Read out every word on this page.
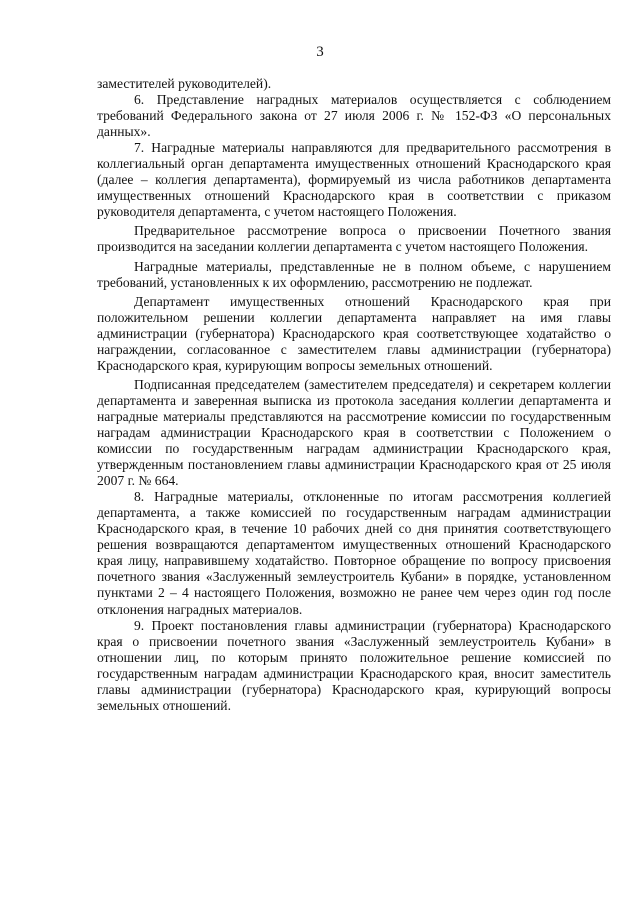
3

заместителей руководителей).

6. Представление наградных материалов осуществляется с соблюдением требований Федерального закона от 27 июля 2006 г. № 152-ФЗ «О персональных данных».

7. Наградные материалы направляются для предварительного рассмотрения в коллегиальный орган департамента имущественных отношений Краснодарского края (далее – коллегия департамента), формируемый из числа работников департамента имущественных отношений Краснодарского края в соответствии с приказом руководителя департамента, с учетом настоящего Положения.

Предварительное рассмотрение вопроса о присвоении Почетного звания производится на заседании коллегии департамента с учетом настоящего Положения.

Наградные материалы, представленные не в полном объеме, с нарушением требований, установленных к их оформлению, рассмотрению не подлежат.

Департамент имущественных отношений Краснодарского края при положительном решении коллегии департамента направляет на имя главы администрации (губернатора) Краснодарского края соответствующее ходатайство о награждении, согласованное с заместителем главы администрации (губернатора) Краснодарского края, курирующим вопросы земельных отношений.

Подписанная председателем (заместителем председателя) и секретарем коллегии департамента и заверенная выписка из протокола заседания коллегии департамента и наградные материалы представляются на рассмотрение комиссии по государственным наградам администрации Краснодарского края в соответствии с Положением о комиссии по государственным наградам администрации Краснодарского края, утвержденным постановлением главы администрации Краснодарского края от 25 июля 2007 г. № 664.

8. Наградные материалы, отклоненные по итогам рассмотрения коллегией департамента, а также комиссией по государственным наградам администрации Краснодарского края, в течение 10 рабочих дней со дня принятия соответствующего решения возвращаются департаментом имущественных отношений Краснодарского края лицу, направившему ходатайство. Повторное обращение по вопросу присвоения почетного звания «Заслуженный землеустроитель Кубани» в порядке, установленном пунктами 2 – 4 настоящего Положения, возможно не ранее чем через один год после отклонения наградных материалов.

9. Проект постановления главы администрации (губернатора) Краснодарского края о присвоении почетного звания «Заслуженный землеустроитель Кубани» в отношении лиц, по которым принято положительное решение комиссией по государственным наградам администрации Краснодарского края, вносит заместитель главы администрации (губернатора) Краснодарского края, курирующий вопросы земельных отношений.
